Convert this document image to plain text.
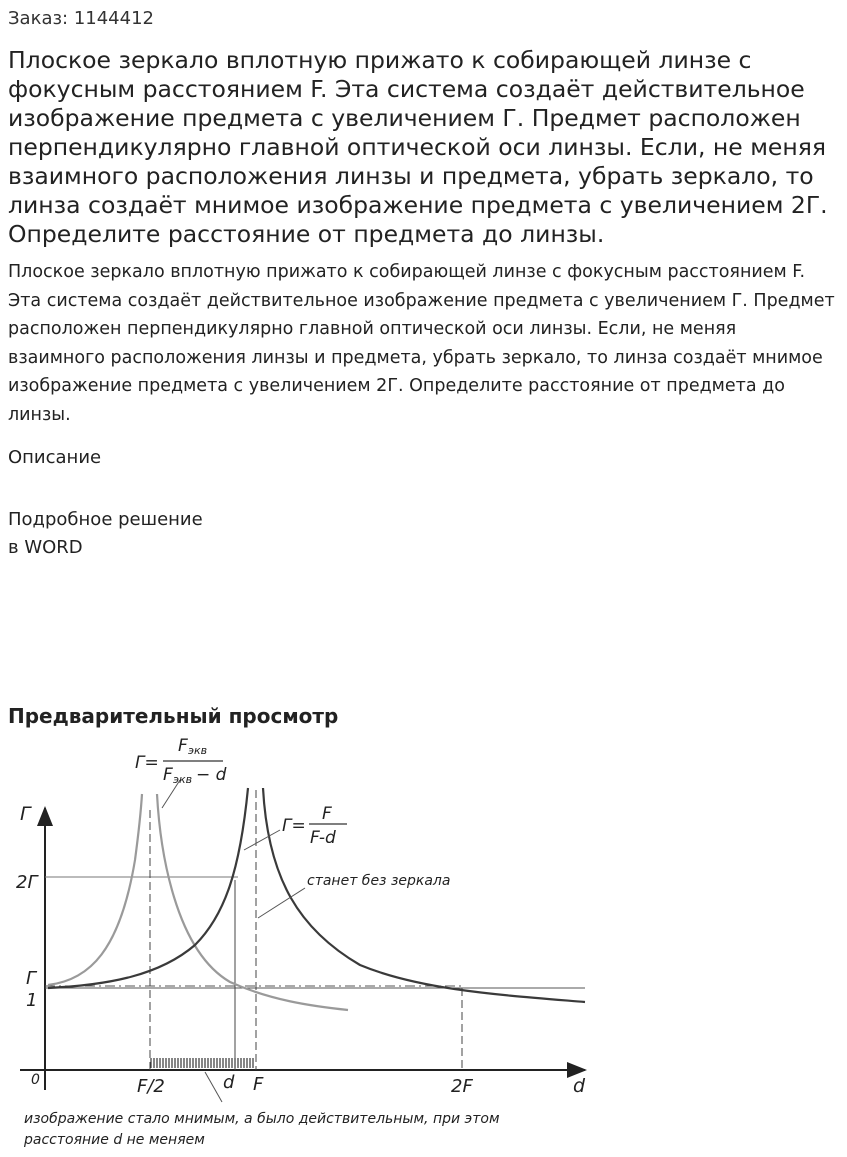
Заказ: 1144412
Плоское зеркало вплотную прижато к собирающей линзе с фокусным расстоянием F. Эта система создаёт действительное изображение предмета с увеличением Г. Предмет расположен перпендикулярно главной оптической оси линзы. Если, не меняя взаимного расположения линзы и предмета, убрать зеркало, то линза создаёт мнимое изображение предмета с увеличением 2Г. Определите расстояние от предмета до линзы.
Плоское зеркало вплотную прижато к собирающей линзе с фокусным расстоянием F. Эта система создаёт действительное изображение предмета с увеличением Г. Предмет расположен перпендикулярно главной оптической оси линзы. Если, не меняя взаимного расположения линзы и предмета, убрать зеркало, то линза создаёт мнимое изображение предмета с увеличением 2Г. Определите расстояние от предмета до линзы.
Описание
Подробное решение
в WORD
Предварительный просмотр
Г=
F экв
F экв − d
Г=
F
F-d
станет без зеркала
Г
2Г
Г
1
0	F/2	d F	2F	d
изображение стало мнимым, а было действительным, при этом
расстояние d не меняем
